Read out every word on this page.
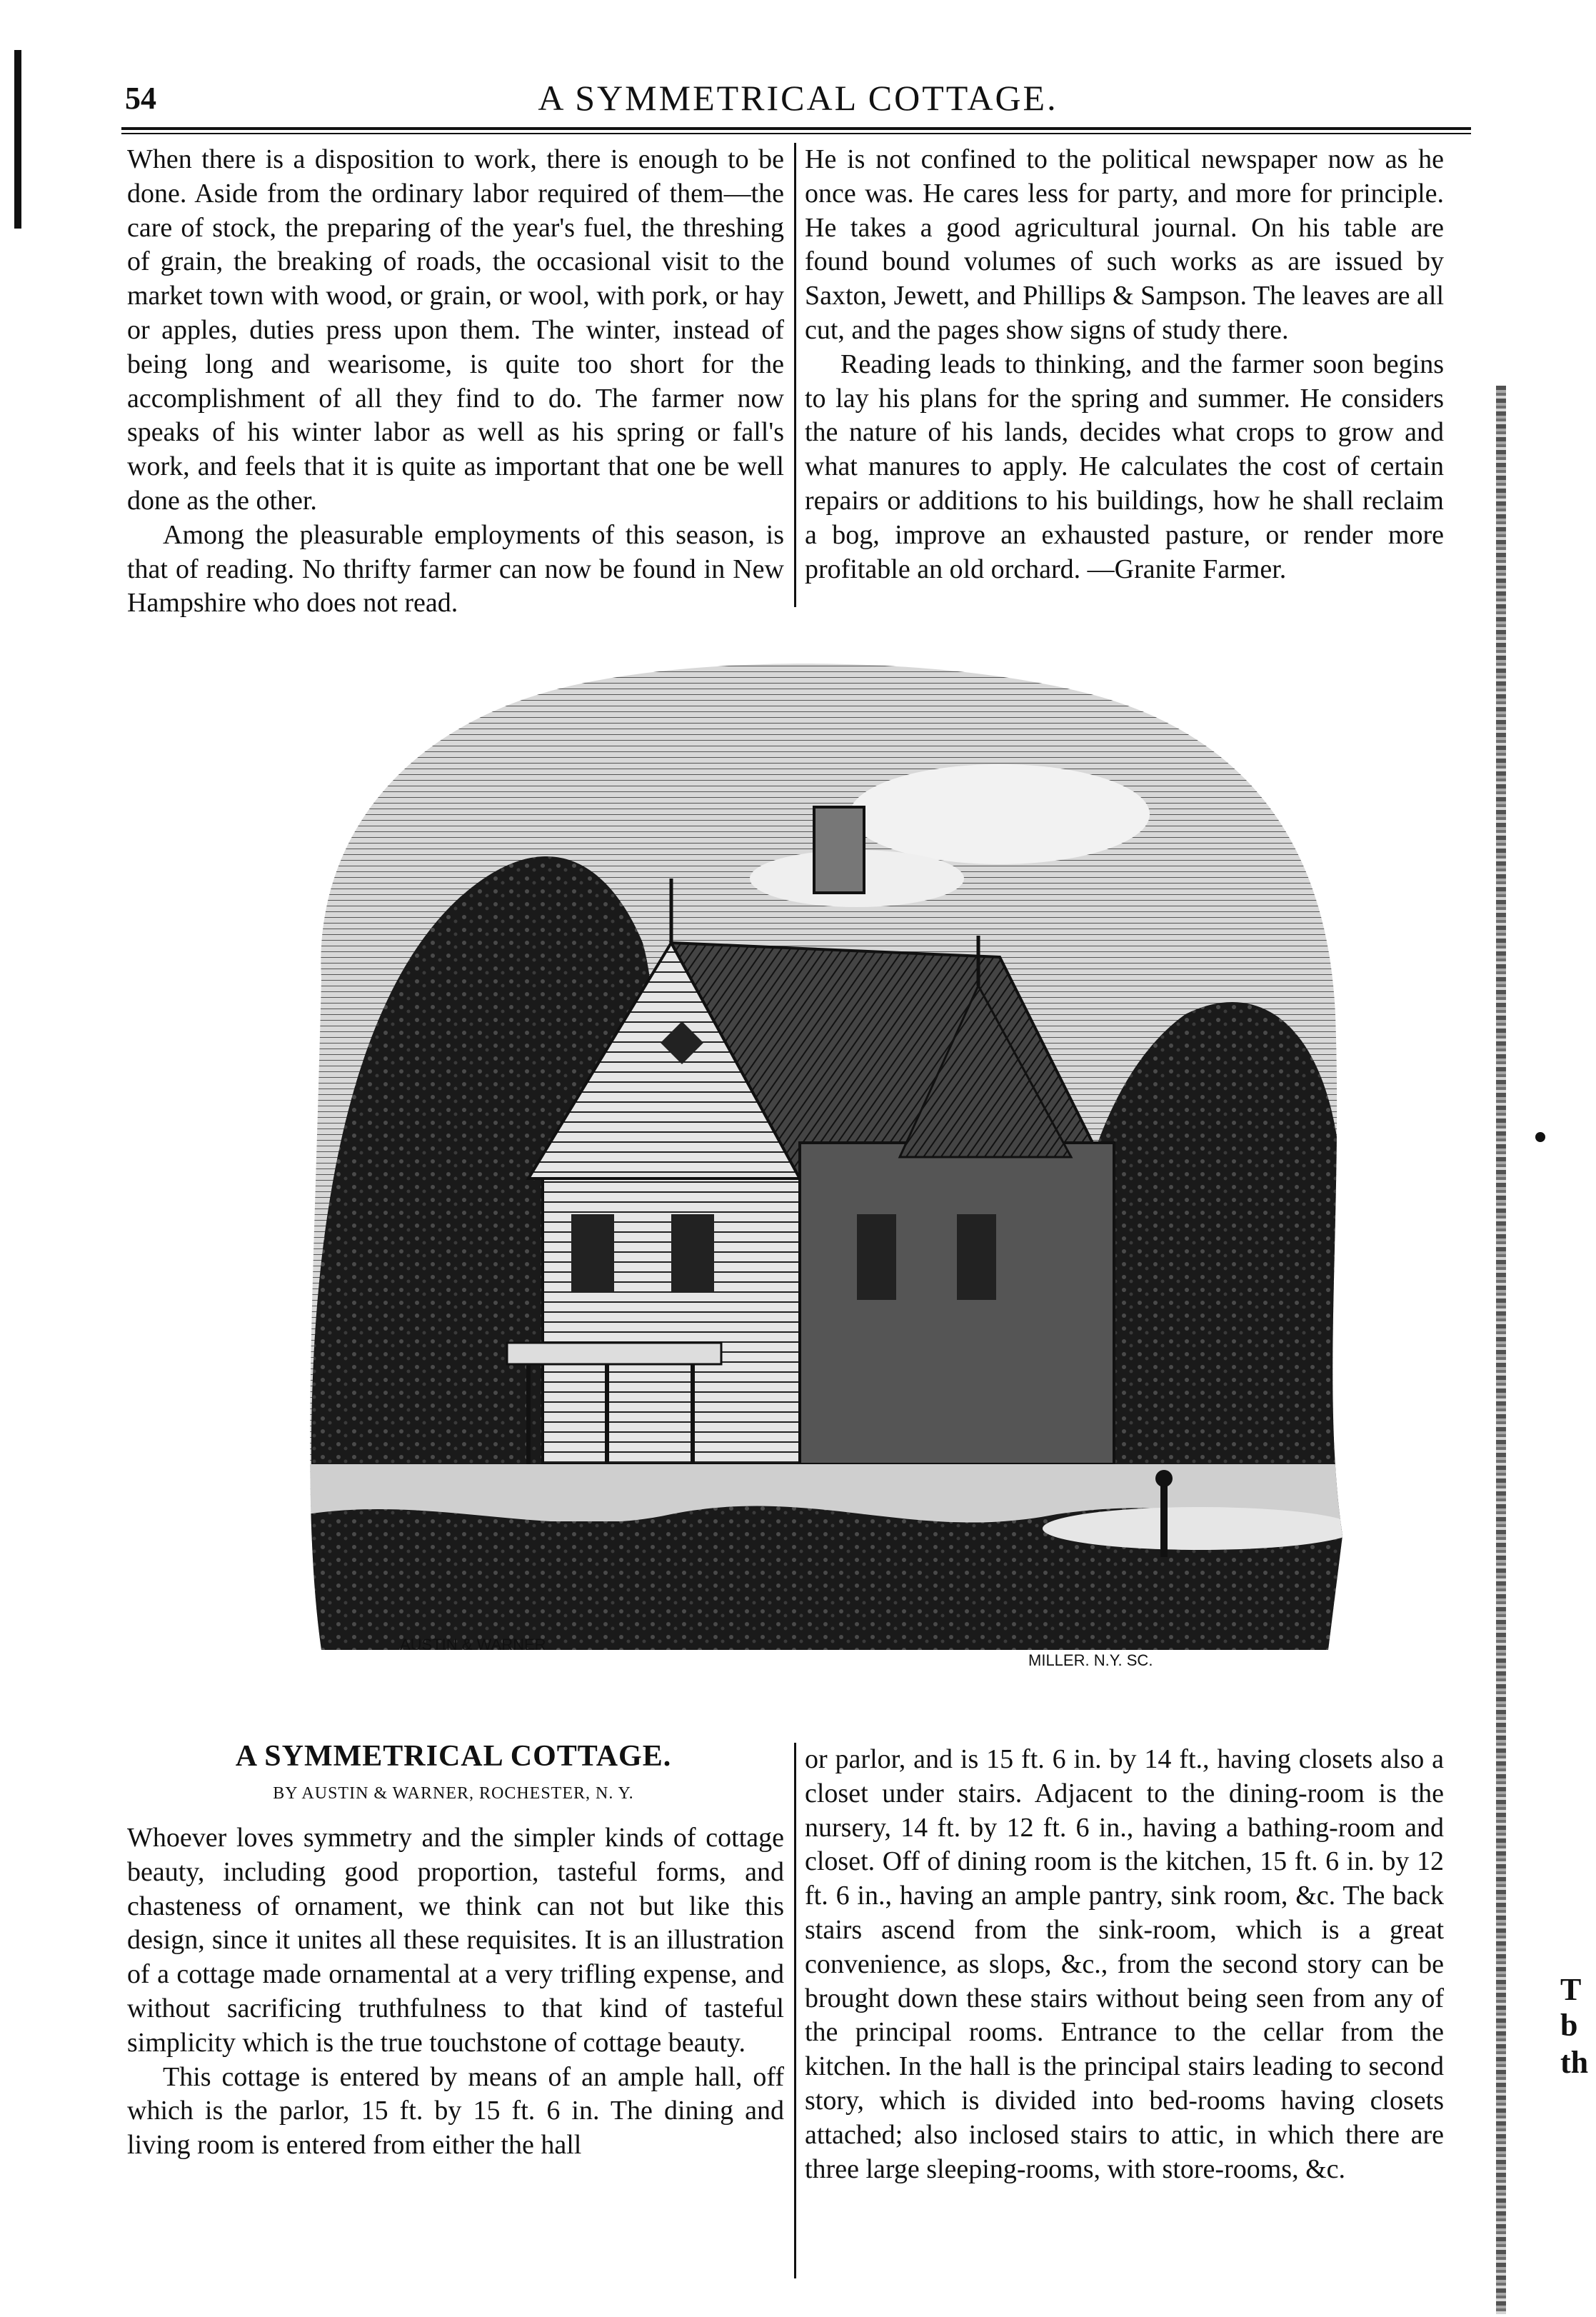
54	A SYMMETRICAL COTTAGE.

When there is a disposition to work, there is enough to be done. Aside from the ordinary labor required of them—the care of stock, the preparing of the year's fuel, the threshing of grain, the breaking of roads, the occasional visit to the market town with wood, or grain, or wool, with pork, or hay or apples, duties press upon them. The winter, instead of being long and wearisome, is quite too short for the accomplishment of all they find to do. The farmer now speaks of his winter labor as well as his spring or fall's work, and feels that it is quite as important that one be well done as the other.

Among the pleasurable employments of this season, is that of reading. No thrifty farmer can now be found in New Hampshire who does not read.

He is not confined to the political newspaper now as he once was. He cares less for party, and more for principle. He takes a good agricultural journal. On his table are found bound volumes of such works as are issued by Saxton, Jewett, and Phillips & Sampson. The leaves are all cut, and the pages show signs of study there.

Reading leads to thinking, and the farmer soon begins to lay his plans for the spring and summer. He considers the nature of his lands, decides what crops to grow and what manures to apply. He calculates the cost of certain repairs or additions to his buildings, how he shall reclaim a bog, improve an exhausted pasture, or render more profitable an old orchard. —Granite Farmer.

AUSTIN & WARNER
MILLER. N.Y. SC.
A SYMMETRICAL COTTAGE.
BY AUSTIN & WARNER, ROCHESTER, N. Y.

Whoever loves symmetry and the simpler kinds of cottage beauty, including good proportion, tasteful forms, and chasteness of ornament, we think can not but like this design, since it unites all these requisites. It is an illustration of a cottage made ornamental at a very trifling expense, and without sacrificing truthfulness to that kind of tasteful simplicity which is the true touchstone of cottage beauty.

This cottage is entered by means of an ample hall, off which is the parlor, 15 ft. by 15 ft. 6 in. The dining and living room is entered from either the hall

or parlor, and is 15 ft. 6 in. by 14 ft., having closets also a closet under stairs. Adjacent to the dining-room is the nursery, 14 ft. by 12 ft. 6 in., having a bathing-room and closet. Off of dining room is the kitchen, 15 ft. 6 in. by 12 ft. 6 in., having an ample pantry, sink room, &c. The back stairs ascend from the sink-room, which is a great convenience, as slops, &c., from the second story can be brought down these stairs without being seen from any of the principal rooms. Entrance to the cellar from the kitchen. In the hall is the principal stairs leading to second story, which is divided into bed-rooms having closets attached; also inclosed stairs to attic, in which there are three large sleeping-rooms, with store-rooms, &c.

T
b
th
